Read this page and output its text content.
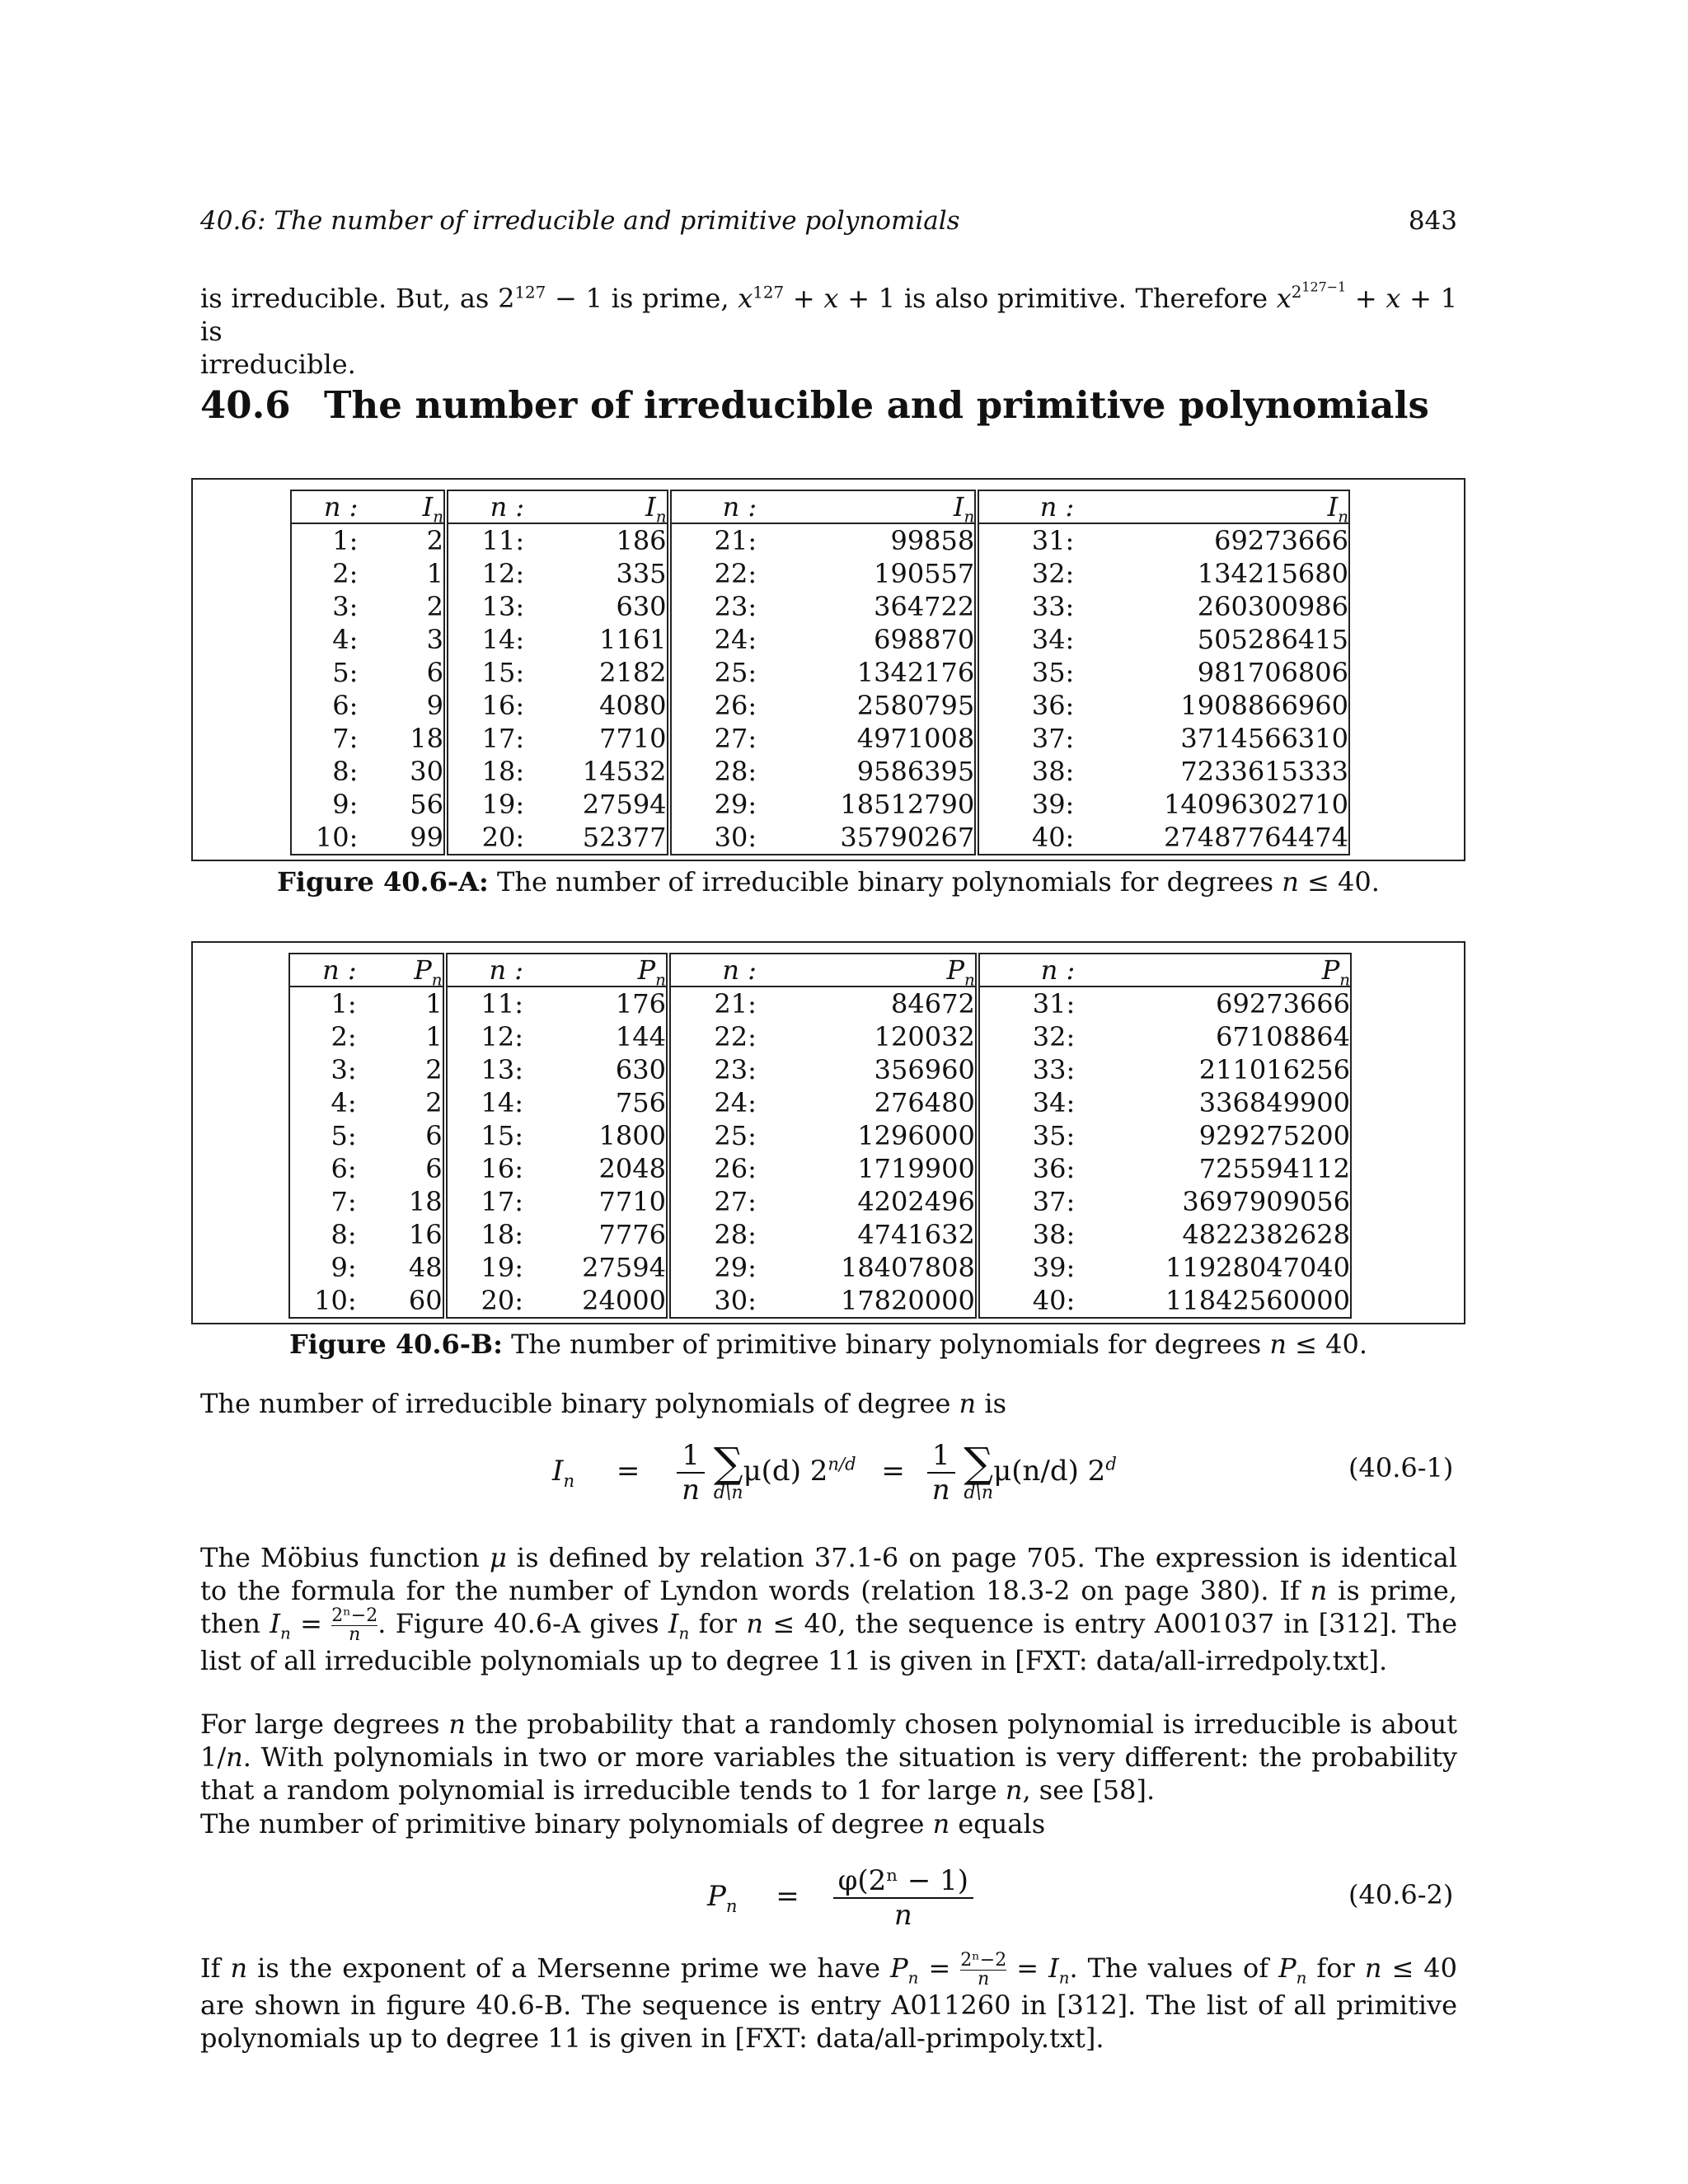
40.6: The number of irreducible and primitive polynomials	843
is irreducible. But, as $2^{127} - 1$ is prime, $x^{127} + x + 1$ is also primitive. Therefore $x^{2^{127-1}} + x + 1$ is
irreducible.
40.6 The number of irreducible and primitive polynomials
n :	$I_n$	n :	$I_n$	n :	$I_n$	n :	$I_n$
1:	2	11:	186	21:	99858	31:	69273666
2:	1	12:	335	22:	190557	32:	134215680
3:	2	13:	630	23:	364722	33:	260300986
4:	3	14:	1161	24:	698870	34:	505286415
5:	6	15:	2182	25:	1342176	35:	981706806
6:	9	16:	4080	26:	2580795	36:	1908866960
7:	18	17:	7710	27:	4971008	37:	3714566310
8:	30	18:	14532	28:	9586395	38:	7233615333
9:	56	19:	27594	29:	18512790	39:	14096302710
10:	99	20:	52377	30:	35790267	40:	27487764474
Figure 40.6-A: The number of irreducible binary polynomials for degrees n ≤ 40.
n :	$P_n$	n :	$P_n$	n :	$P_n$	n :	$P_n$
1:	1	11:	176	21:	84672	31:	69273666
2:	1	12:	144	22:	120032	32:	67108864
3:	2	13:	630	23:	356960	33:	211016256
4:	2	14:	756	24:	276480	34:	336849900
5:	6	15:	1800	25:	1296000	35:	929275200
6:	6	16:	2048	26:	1719900	36:	725594112
7:	18	17:	7710	27:	4202496	37:	3697909056
8:	16	18:	7776	28:	4741632	38:	4822382628
9:	48	19:	27594	29:	18407808	39:	11928047040
10:	60	20:	24000	30:	17820000	40:	11842560000
Figure 40.6-B: The number of primitive binary polynomials for degrees n ≤ 40.
The number of irreducible binary polynomials of degree n is
$I_n = \frac{1}{n}$
∑
d\n
μ(d) $2^{n/d} = \frac{1}{n}$
∑
d\n
μ(n/d) 2$^d$	(40.6-1)
The Möbius function μ is defined by relation 37.1-6 on page 705. The expression is identical to the formula for the number of Lyndon words (relation 18.3-2 on page 380). If n is prime, then $I_n = \frac{\text{2ⁿ−2}}{n}$. Figure 40.6-A gives $I_n$ for n ≤ 40, the sequence is entry A001037 in [312]. The list of all irreducible polynomials up to degree 11 is given in [FXT: data/all-irredpoly.txt].
For large degrees n the probability that a randomly chosen polynomial is irreducible is about 1/n. With polynomials in two or more variables the situation is very different: the probability that a random polynomial is irreducible tends to 1 for large n, see [58].
The number of primitive binary polynomials of degree n equals
$P_n = \frac{\text{φ(2ⁿ − 1)}}{n}$	(40.6-2)
If n is the exponent of a Mersenne prime we have $P_n = \frac{\text{2ⁿ−2}}{n} = I_n$. The values of $P_n$ for n ≤ 40 are shown in figure 40.6-B. The sequence is entry A011260 in [312]. The list of all primitive polynomials up to degree 11 is given in [FXT: data/all-primpoly.txt].
